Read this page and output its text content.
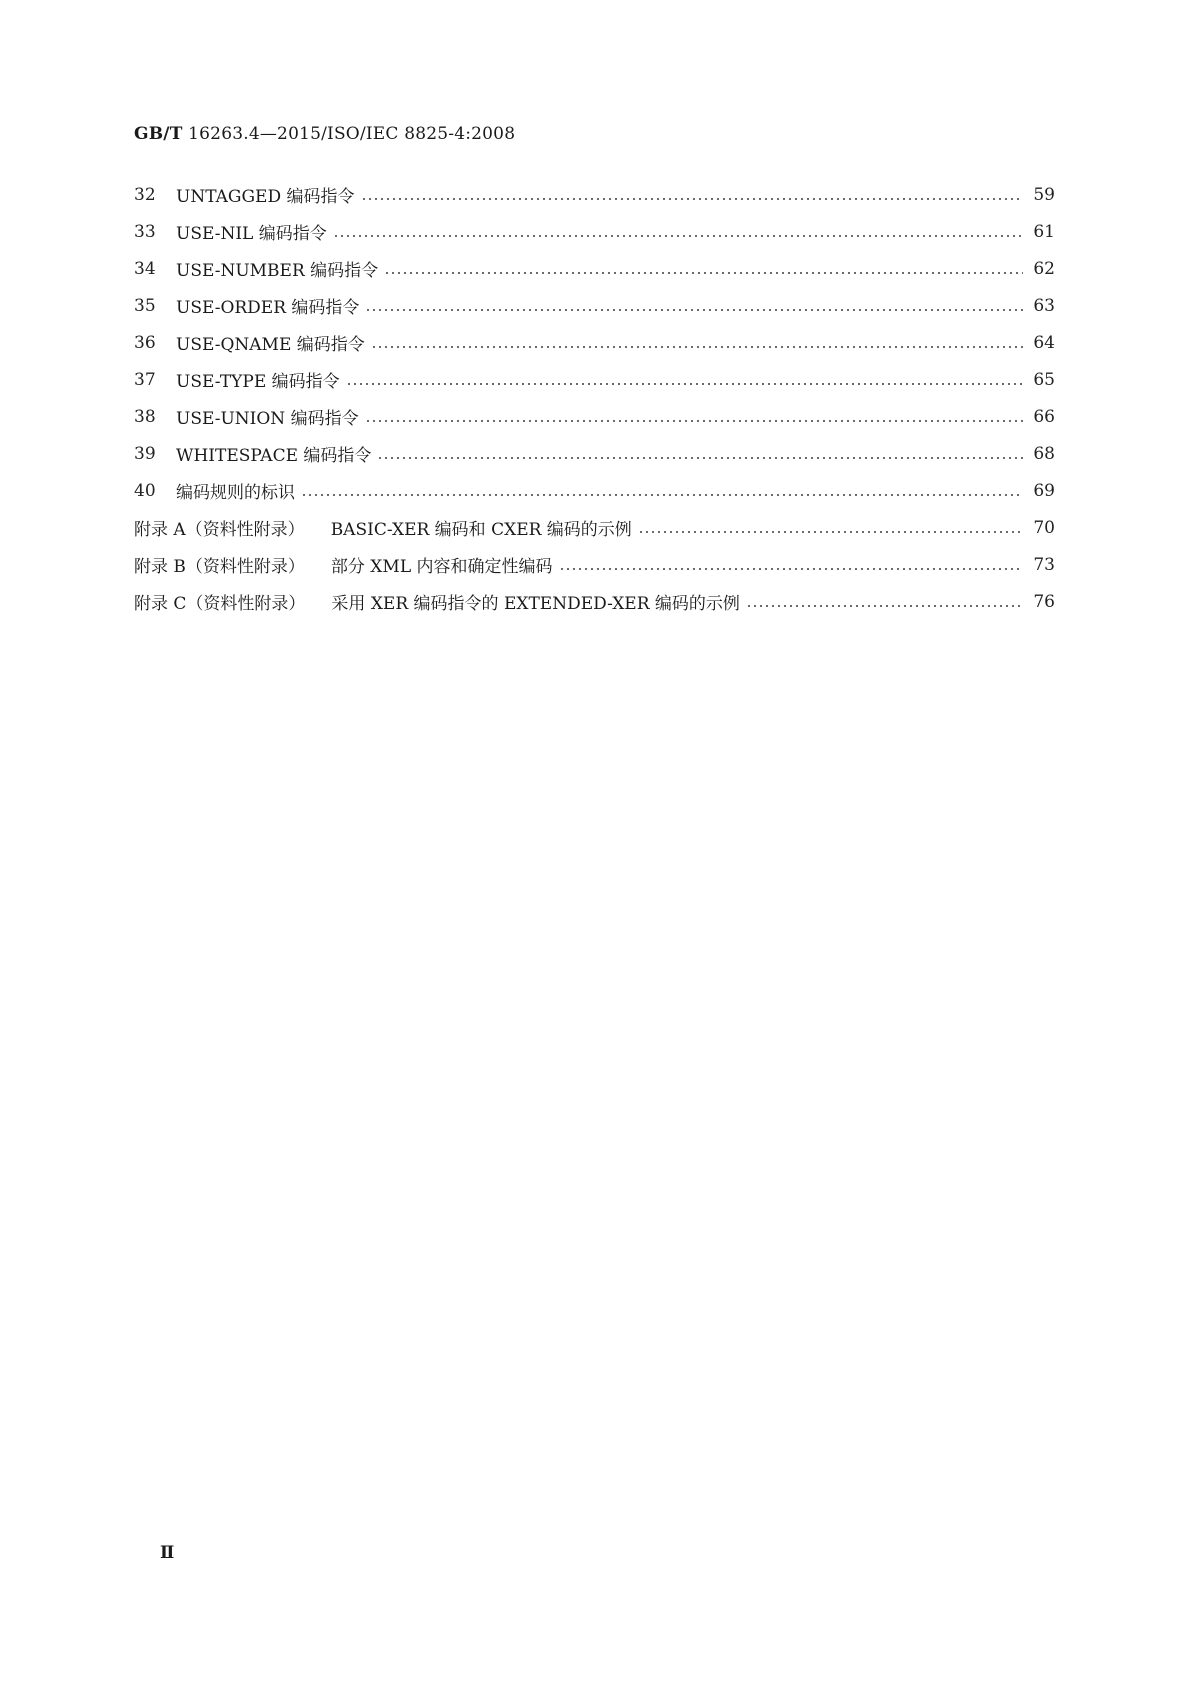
GB/T 16263.4—2015/ISO/IEC 8825-4:2008
32	UNTAGGED 编码指令	59
33	USE-NIL 编码指令	61
34	USE-NUMBER 编码指令	62
35	USE-ORDER 编码指令	63
36	USE-QNAME 编码指令	64
37	USE-TYPE 编码指令	65
38	USE-UNION 编码指令	66
39	WHITESPACE 编码指令	68
40	编码规则的标识	69
附录 A（资料性附录） BASIC-XER 编码和 CXER 编码的示例	70
附录 B（资料性附录） 部分 XML 内容和确定性编码	73
附录 C（资料性附录） 采用 XER 编码指令的 EXTENDED-XER 编码的示例	76
Ⅱ
